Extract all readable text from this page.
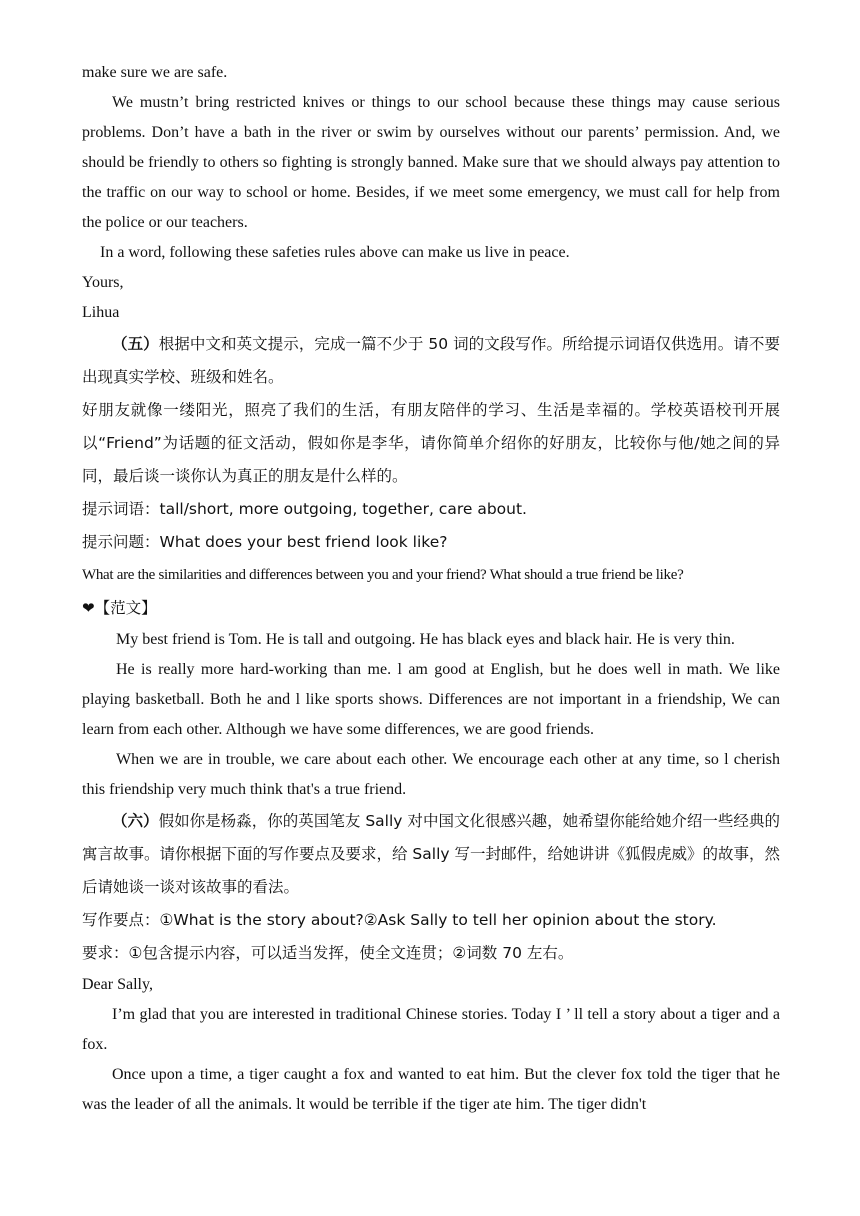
make sure we are safe.

We mustn’t bring restricted knives or things to our school because these things may cause serious problems. Don’t have a bath in the river or swim by ourselves without our parents’ permission. And, we should be friendly to others so fighting is strongly banned. Make sure that we should always pay attention to the traffic on our way to school or home. Besides, if we meet some emergency, we must call for help from the police or our teachers.

In a word, following these safeties rules above can make us live in peace.

Yours,

Lihua

（五）根据中文和英文提示，完成一篇不少于 50 词的文段写作。所给提示词语仅供选用。请不要出现真实学校、班级和姓名。

好朋友就像一缕阳光，照亮了我们的生活，有朋友陪伴的学习、生活是幸福的。学校英语校刊开展以“Friend”为话题的征文活动，假如你是李华，请你简单介绍你的好朋友，比较你与他/她之间的异同，最后谈一谈你认为真正的朋友是什么样的。

提示词语：tall/short, more outgoing, together, care about.

提示问题：What does your best friend look like?

What are the similarities and differences between you and your friend? What should a true friend be like?

❤【范文】

My best friend is Tom. He is tall and outgoing. He has black eyes and black hair. He is very thin.

He is really more hard-working than me. l am good at English, but he does well in math. We like playing basketball. Both he and l like sports shows. Differences are not important in a friendship, We can learn from each other. Although we have some differences, we are good friends.

When we are in trouble, we care about each other. We encourage each other at any time, so l cherish this friendship very much think that's a true friend.

（六）假如你是杨淼，你的英国笔友 Sally 对中国文化很感兴趣，她希望你能给她介绍一些经典的寓言故事。请你根据下面的写作要点及要求，给 Sally 写一封邮件，给她讲讲《狐假虎威》的故事，然后请她谈一谈对该故事的看法。

写作要点：①What is the story about?②Ask Sally to tell her opinion about the story.

要求：①包含提示内容，可以适当发挥，使全文连贯；②词数 70 左右。

Dear Sally,

I’m glad that you are interested in traditional Chinese stories. Today I ’ ll tell a story about a tiger and a fox.

Once upon a time, a tiger caught a fox and wanted to eat him. But the clever fox told the tiger that he was the leader of all the animals. lt would be terrible if the tiger ate him. The tiger didn't
